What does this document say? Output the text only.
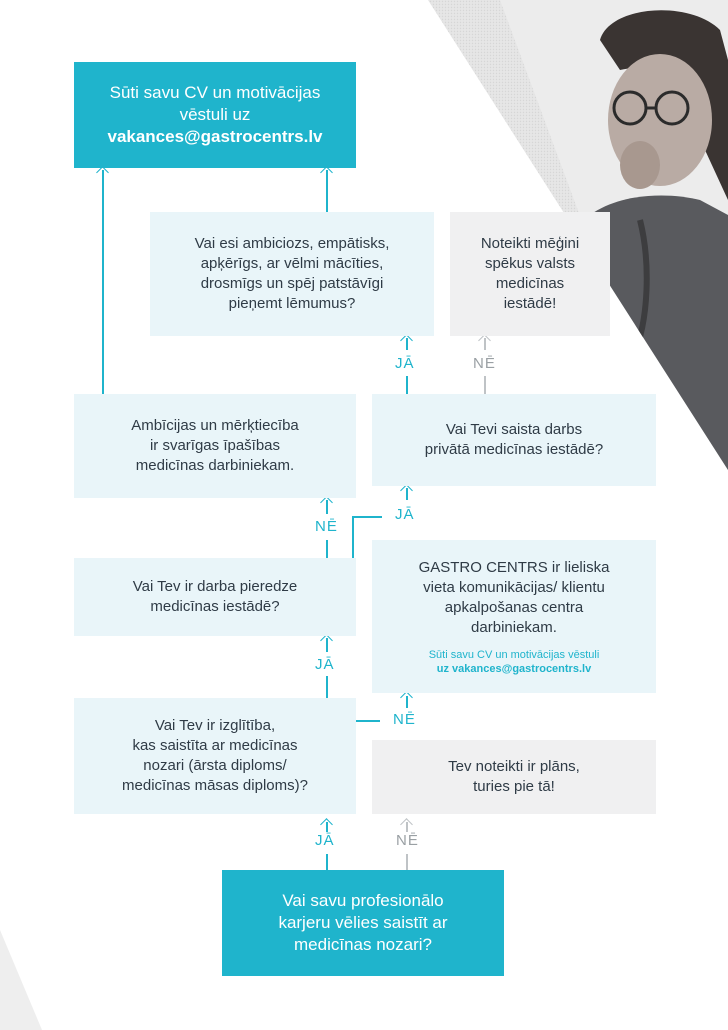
JĀ	NĒ
NĒ
JĀ
NĒ
JĀ
JĀ	NĒ
Sūti savu CV un motivācijas
vēstuli uz
vakances@gastrocentrs.lv
Vai esi ambiciozs, empātisks,
apķērīgs, ar vēlmi mācīties,
drosmīgs un spēj patstāvīgi
pieņemt lēmumus?
Noteikti mēģini
spēkus valsts
medicīnas
iestādē!
Ambīcijas un mērķtiecība
ir svarīgas īpašības
medicīnas darbiniekam.
Vai Tevi saista darbs
privātā medicīnas iestādē?
Vai Tev ir darba pieredze
medicīnas iestādē?
GASTRO CENTRS ir lieliska
vieta komunikācijas/ klientu
apkalpošanas centra
darbiniekam.
Sūti savu CV un motivācijas vēstuli
uz vakances@gastrocentrs.lv
Vai Tev ir izglītība,
kas saistīta ar medicīnas
nozari (ārsta diploms/
medicīnas māsas diploms)?
Tev noteikti ir plāns,
turies pie tā!
Vai savu profesionālo
karjeru vēlies saistīt ar
medicīnas nozari?
